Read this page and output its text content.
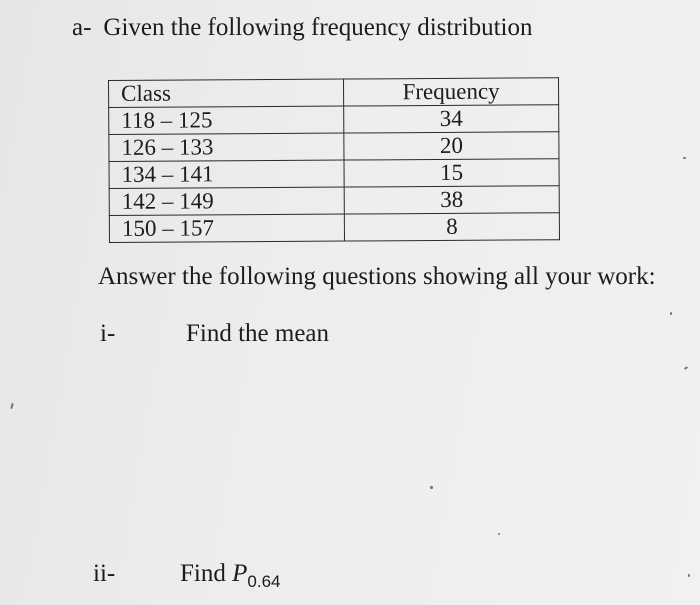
a- Given the following frequency distribution
Class	Frequency
118 – 125	34
126 – 133	20
134 – 141	15
142 – 149	38
150 – 157	8
Answer the following questions showing all your work:
i-	Find the mean
ii-	Find $P_{0.64}$
